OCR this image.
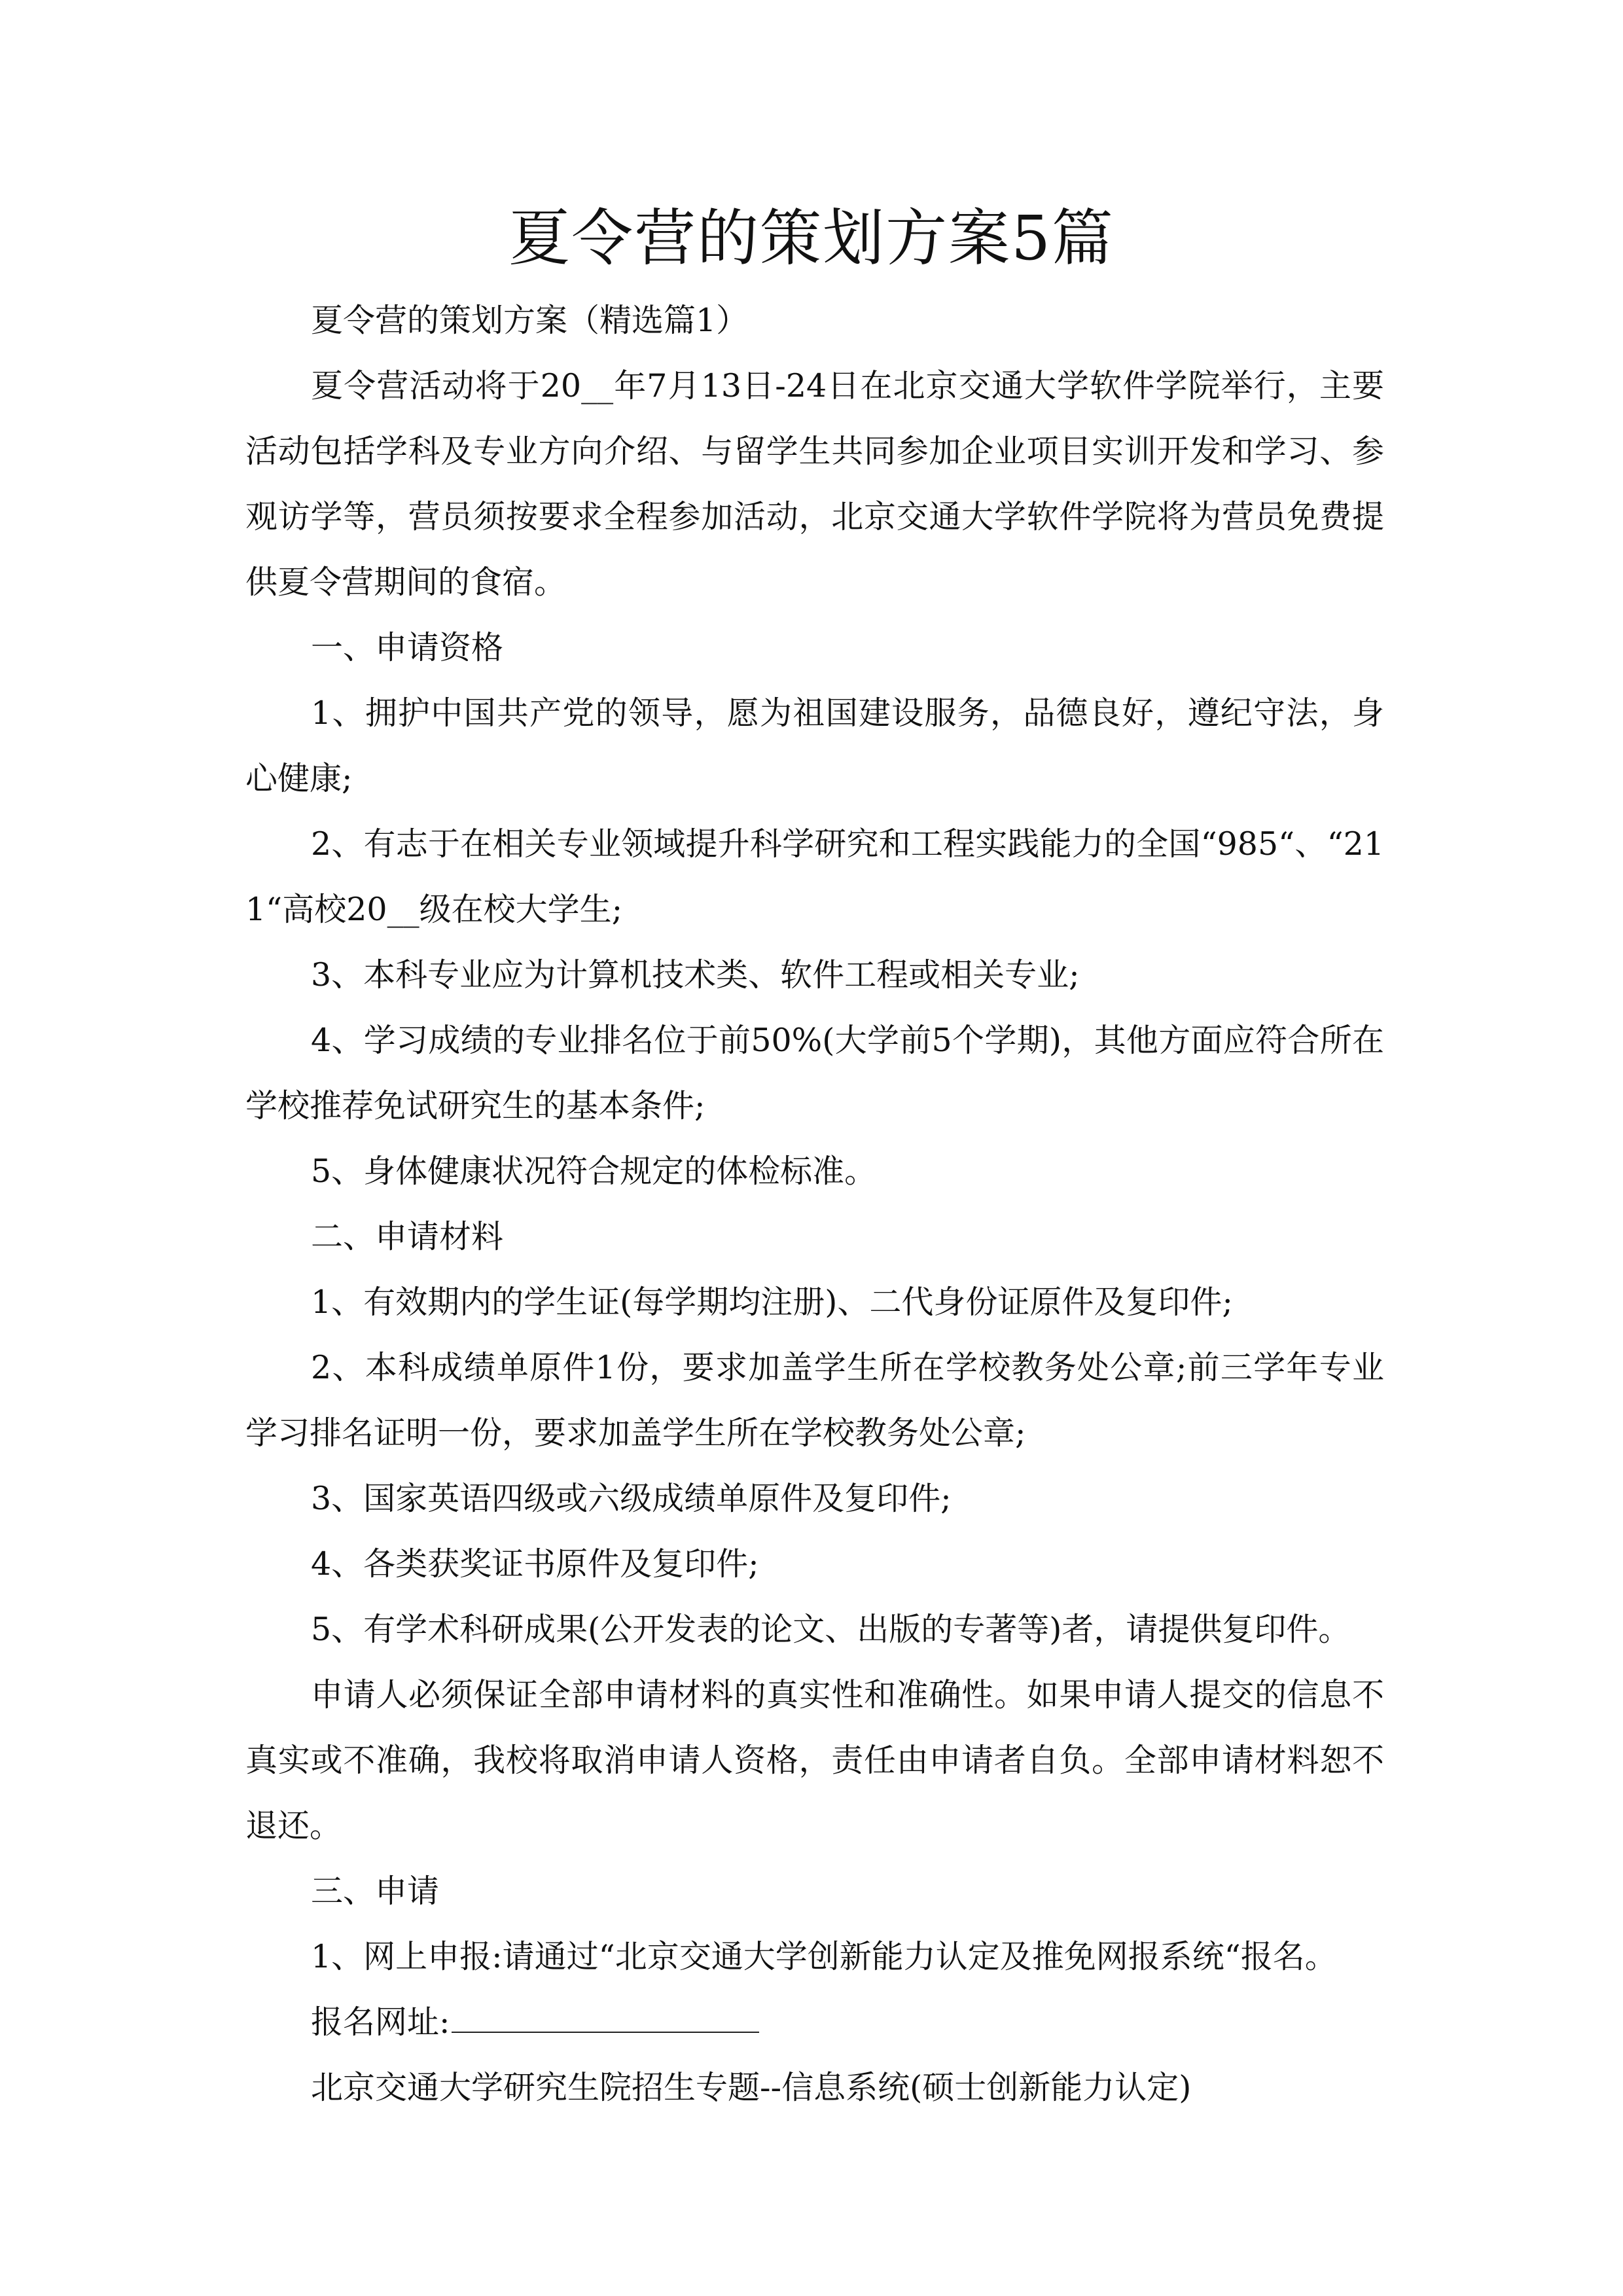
夏令营的策划方案5篇

夏令营的策划方案（精选篇1）

夏令营活动将于20__年7月13日-24日在北京交通大学软件学院举行，主要活动包括学科及专业方向介绍、与留学生共同参加企业项目实训开发和学习、参观访学等，营员须按要求全程参加活动，北京交通大学软件学院将为营员免费提供夏令营期间的食宿。

一、申请资格

1、拥护中国共产党的领导，愿为祖国建设服务，品德良好，遵纪守法，身心健康;

2、有志于在相关专业领域提升科学研究和工程实践能力的全国“985“、“211“高校20__级在校大学生;

3、本科专业应为计算机技术类、软件工程或相关专业;

4、学习成绩的专业排名位于前50%(大学前5个学期)，其他方面应符合所在学校推荐免试研究生的基本条件;

5、身体健康状况符合规定的体检标准。

二、申请材料

1、有效期内的学生证(每学期均注册)、二代身份证原件及复印件;

2、本科成绩单原件1份，要求加盖学生所在学校教务处公章;前三学年专业学习排名证明一份，要求加盖学生所在学校教务处公章;

3、国家英语四级或六级成绩单原件及复印件;

4、各类获奖证书原件及复印件;

5、有学术科研成果(公开发表的论文、出版的专著等)者，请提供复印件。

申请人必须保证全部申请材料的真实性和准确性。如果申请人提交的信息不真实或不准确，我校将取消申请人资格，责任由申请者自负。全部申请材料恕不退还。

三、申请

1、网上申报:请通过“北京交通大学创新能力认定及推免网报系统“报名。

报名网址:

北京交通大学研究生院招生专题--信息系统(硕士创新能力认定)
